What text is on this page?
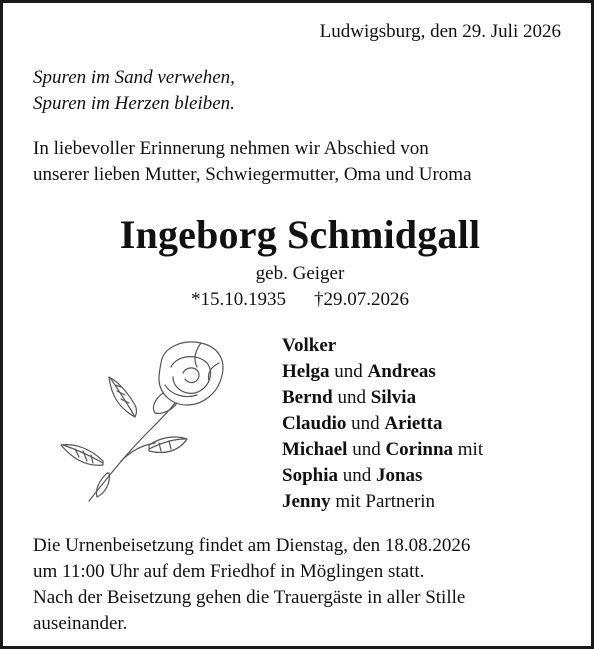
Ludwigsburg, den 29. Juli 2026
Spuren im Sand verwehen,
Spuren im Herzen bleiben.
In liebevoller Erinnerung nehmen wir Abschied von
unserer lieben Mutter, Schwiegermutter, Oma und Uroma
Ingeborg Schmidgall
geb. Geiger
*15.10.1935 †29.07.2026
Volker
Helga und Andreas
Bernd und Silvia
Claudio und Arietta
Michael und Corinna mit
Sophia und Jonas
Jenny mit Partnerin
Die Urnenbeisetzung findet am Dienstag, den 18.08.2026
um 11:00 Uhr auf dem Friedhof in Möglingen statt.
Nach der Beisetzung gehen die Trauergäste in aller Stille
auseinander.
